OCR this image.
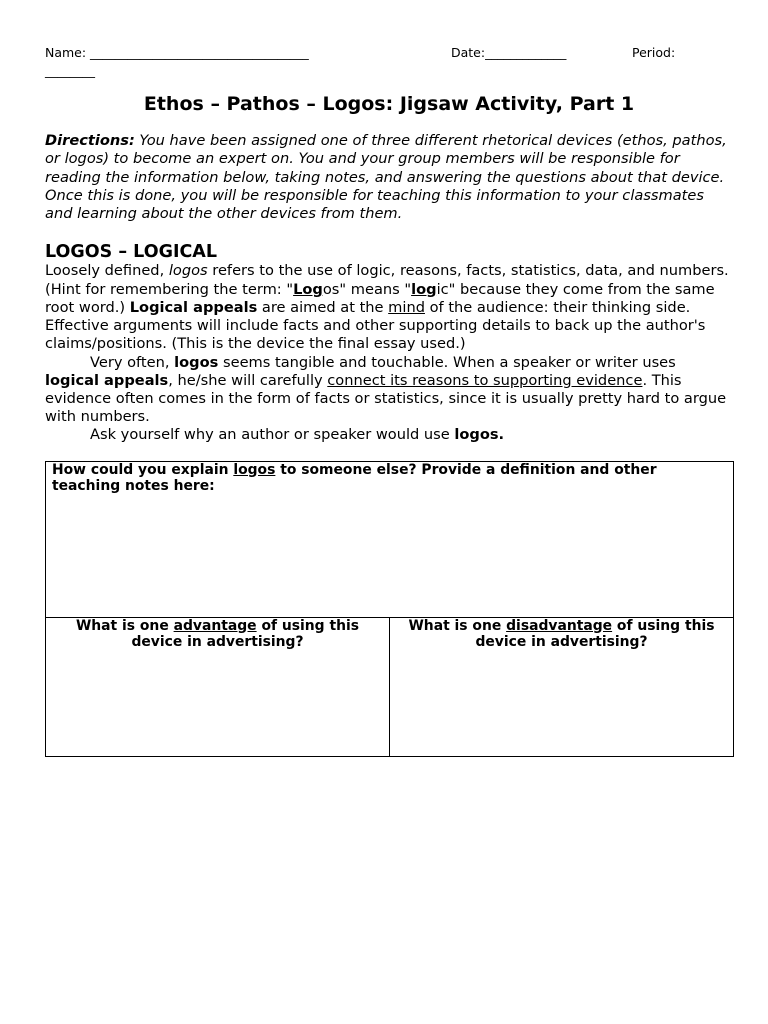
Name: ___________________________________	Date:_____________	Period:
________
Ethos – Pathos – Logos: Jigsaw Activity, Part 1

Directions: You have been assigned one of three different rhetorical devices (ethos, pathos, or logos) to become an expert on. You and your group members will be responsible for reading the information below, taking notes, and answering the questions about that device. Once this is done, you will be responsible for teaching this information to your classmates and learning about the other devices from them.

LOGOS – LOGICAL

Loosely defined, logos refers to the use of logic, reasons, facts, statistics, data, and numbers. (Hint for remembering the term: "Logos" means "logic" because they come from the same root word.) Logical appeals are aimed at the mind of the audience: their thinking side. Effective arguments will include facts and other supporting details to back up the author's claims/positions. (This is the device the final essay used.)

Very often, logos seems tangible and touchable. When a speaker or writer uses logical appeals, he/she will carefully connect its reasons to supporting evidence. This evidence often comes in the form of facts or statistics, since it is usually pretty hard to argue with numbers.

Ask yourself why an author or speaker would use logos.

How could you explain logos to someone else? Provide a definition and other teaching notes here:
What is one advantage of using this device in advertising?	What is one disadvantage of using this device in advertising?
